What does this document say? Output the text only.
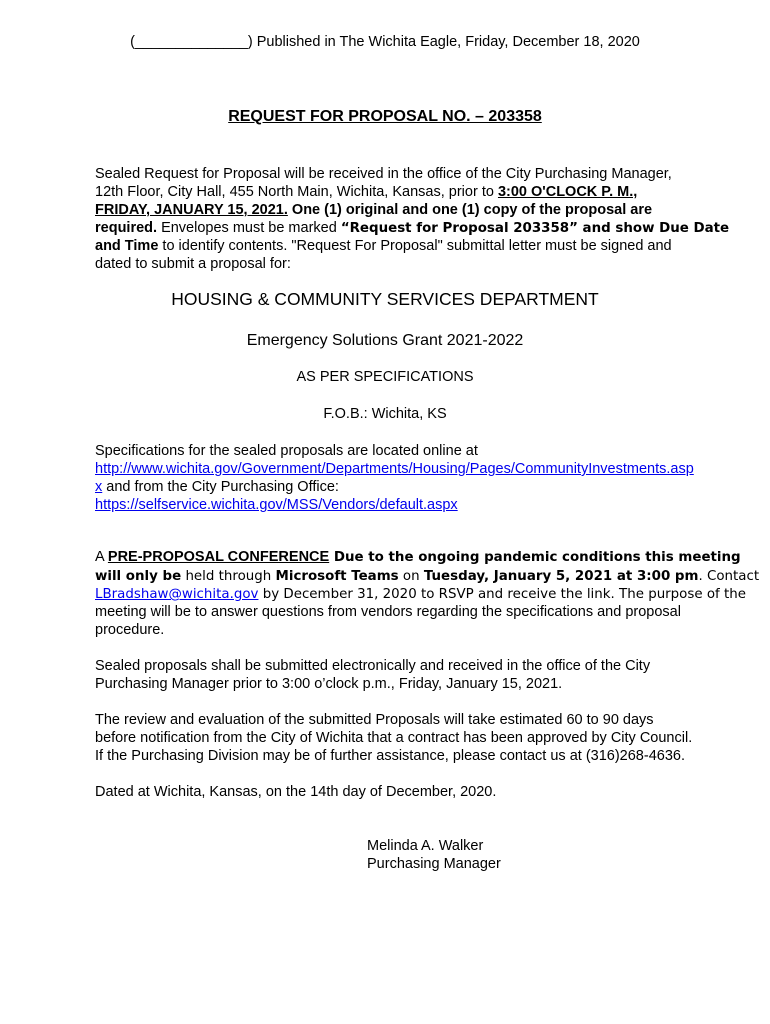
(______________) Published in The Wichita Eagle, Friday, December 18, 2020
REQUEST FOR PROPOSAL NO. – 203358
Sealed Request for Proposal will be received in the office of the City Purchasing Manager,
12th Floor, City Hall, 455 North Main, Wichita, Kansas, prior to 3:00 O'CLOCK P. M.,
FRIDAY, JANUARY 15, 2021. One (1) original and one (1) copy of the proposal are
required. Envelopes must be marked “Request for Proposal 203358” and show Due Date
and Time to identify contents. "Request For Proposal" submittal letter must be signed and
dated to submit a proposal for:
HOUSING & COMMUNITY SERVICES DEPARTMENT
Emergency Solutions Grant 2021-2022
AS PER SPECIFICATIONS
F.O.B.: Wichita, KS
Specifications for the sealed proposals are located online at
http://www.wichita.gov/Government/Departments/Housing/Pages/CommunityInvestments.asp
x and from the City Purchasing Office:
https://selfservice.wichita.gov/MSS/Vendors/default.aspx
A PRE-PROPOSAL CONFERENCE Due to the ongoing pandemic conditions this meeting
will only be held through Microsoft Teams on Tuesday, January 5, 2021 at 3:00 pm. Contact
LBradshaw@wichita.gov by December 31, 2020 to RSVP and receive the link. The purpose of the
meeting will be to answer questions from vendors regarding the specifications and proposal
procedure.
Sealed proposals shall be submitted electronically and received in the office of the City
Purchasing Manager prior to 3:00 o’clock p.m., Friday, January 15, 2021.
The review and evaluation of the submitted Proposals will take estimated 60 to 90 days
before notification from the City of Wichita that a contract has been approved by City Council.
If the Purchasing Division may be of further assistance, please contact us at (316)268-4636.
Dated at Wichita, Kansas, on the 14th day of December, 2020.
Melinda A. Walker
Purchasing Manager
